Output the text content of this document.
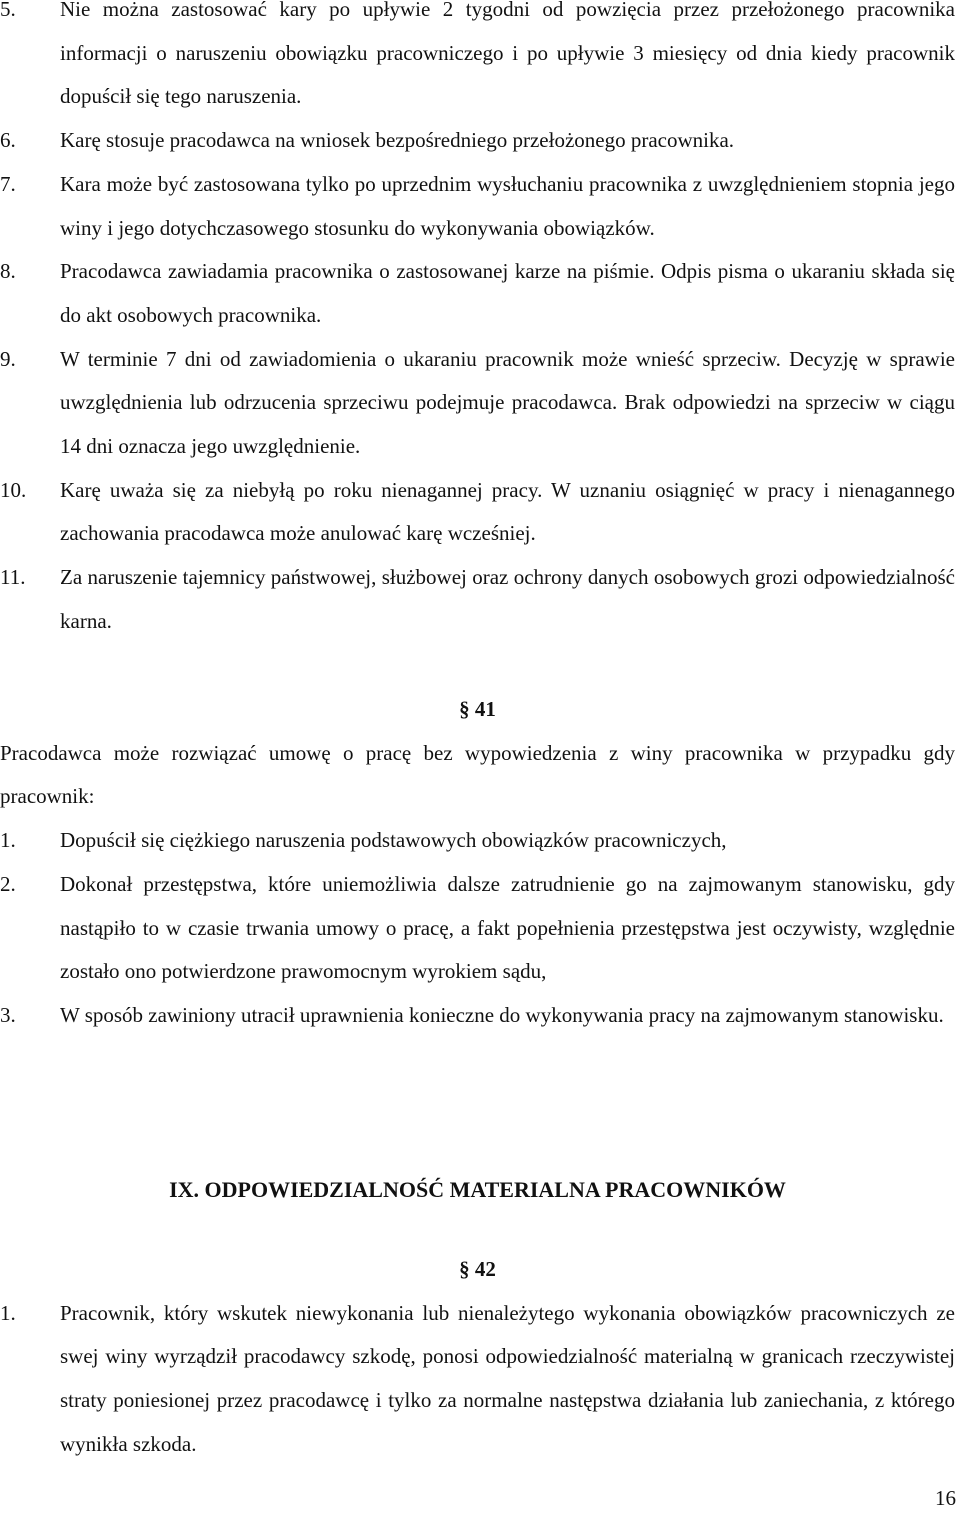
5.	Nie można zastosować kary po upływie 2 tygodni od powzięcia przez przełożonego pracownika informacji o naruszeniu obowiązku pracowniczego i po upływie 3 miesięcy od dnia kiedy pracownik dopuścił się tego naruszenia.
6.	Karę stosuje pracodawca na wniosek bezpośredniego przełożonego pracownika.
7.	Kara może być zastosowana tylko po uprzednim wysłuchaniu pracownika z uwzględnieniem stopnia jego winy i jego dotychczasowego stosunku do wykonywania obowiązków.
8.	Pracodawca zawiadamia pracownika o zastosowanej karze na piśmie. Odpis pisma o ukaraniu składa się do akt osobowych pracownika.
9.	W terminie 7 dni od zawiadomienia o ukaraniu pracownik może wnieść sprzeciw. Decyzję w sprawie uwzględnienia lub odrzucenia sprzeciwu podejmuje pracodawca. Brak odpowiedzi na sprzeciw w ciągu 14 dni oznacza jego uwzględnienie.
10.	Karę uważa się za niebyłą po roku nienagannej pracy. W uznaniu osiągnięć w pracy i nienagannego zachowania pracodawca może anulować karę wcześniej.
11.	Za naruszenie tajemnicy państwowej, służbowej oraz ochrony danych osobowych grozi odpowiedzialność karna.

§ 41

Pracodawca może rozwiązać umowę o pracę bez wypowiedzenia z winy pracownika w przypadku gdy pracownik:

1.	Dopuścił się ciężkiego naruszenia podstawowych obowiązków pracowniczych,
2.	Dokonał przestępstwa, które uniemożliwia dalsze zatrudnienie go na zajmowanym stanowisku, gdy nastąpiło to w czasie trwania umowy o pracę, a fakt popełnienia przestępstwa jest oczywisty, względnie zostało ono potwierdzone prawomocnym wyrokiem sądu,
3.	W sposób zawiniony utracił uprawnienia konieczne do wykonywania pracy na zajmowanym stanowisku.
IX. ODPOWIEDZIALNOŚĆ MATERIALNA PRACOWNIKÓW

§ 42

1.	Pracownik, który wskutek niewykonania lub nienależytego wykonania obowiązków pracowniczych ze swej winy wyrządził pracodawcy szkodę, ponosi odpowiedzialność materialną w granicach rzeczywistej straty poniesionej przez pracodawcę i tylko za normalne następstwa działania lub zaniechania, z którego wynikła szkoda.
16
